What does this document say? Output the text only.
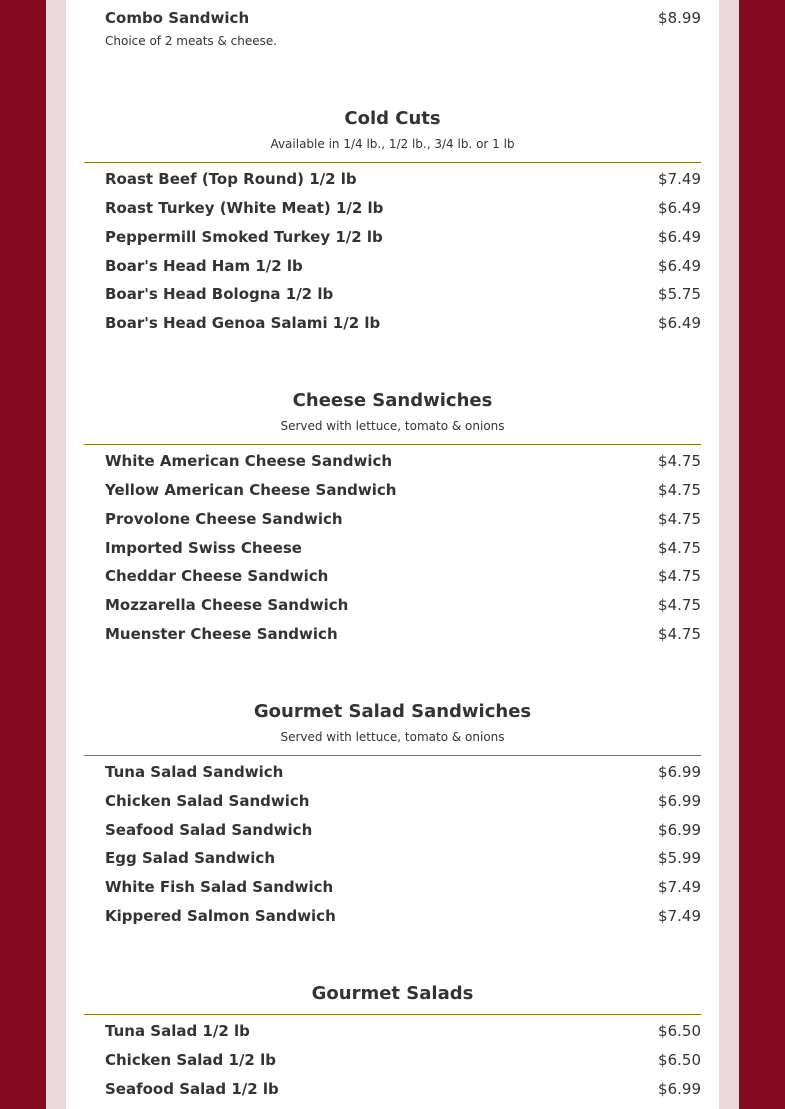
Combo Sandwich	$8.99
Choice of 2 meats & cheese.
Cold Cuts
Available in 1/4 lb., 1/2 lb., 3/4 lb. or 1 lb
Roast Beef (Top Round) 1/2 lb	$7.49
Roast Turkey (White Meat) 1/2 lb	$6.49
Peppermill Smoked Turkey 1/2 lb	$6.49
Boar's Head Ham 1/2 lb	$6.49
Boar's Head Bologna 1/2 lb	$5.75
Boar's Head Genoa Salami 1/2 lb	$6.49
Cheese Sandwiches
Served with lettuce, tomato & onions
White American Cheese Sandwich	$4.75
Yellow American Cheese Sandwich	$4.75
Provolone Cheese Sandwich	$4.75
Imported Swiss Cheese	$4.75
Cheddar Cheese Sandwich	$4.75
Mozzarella Cheese Sandwich	$4.75
Muenster Cheese Sandwich	$4.75
Gourmet Salad Sandwiches
Served with lettuce, tomato & onions
Tuna Salad Sandwich	$6.99
Chicken Salad Sandwich	$6.99
Seafood Salad Sandwich	$6.99
Egg Salad Sandwich	$5.99
White Fish Salad Sandwich	$7.49
Kippered Salmon Sandwich	$7.49
Gourmet Salads
Tuna Salad 1/2 lb	$6.50
Chicken Salad 1/2 lb	$6.50
Seafood Salad 1/2 lb	$6.99
